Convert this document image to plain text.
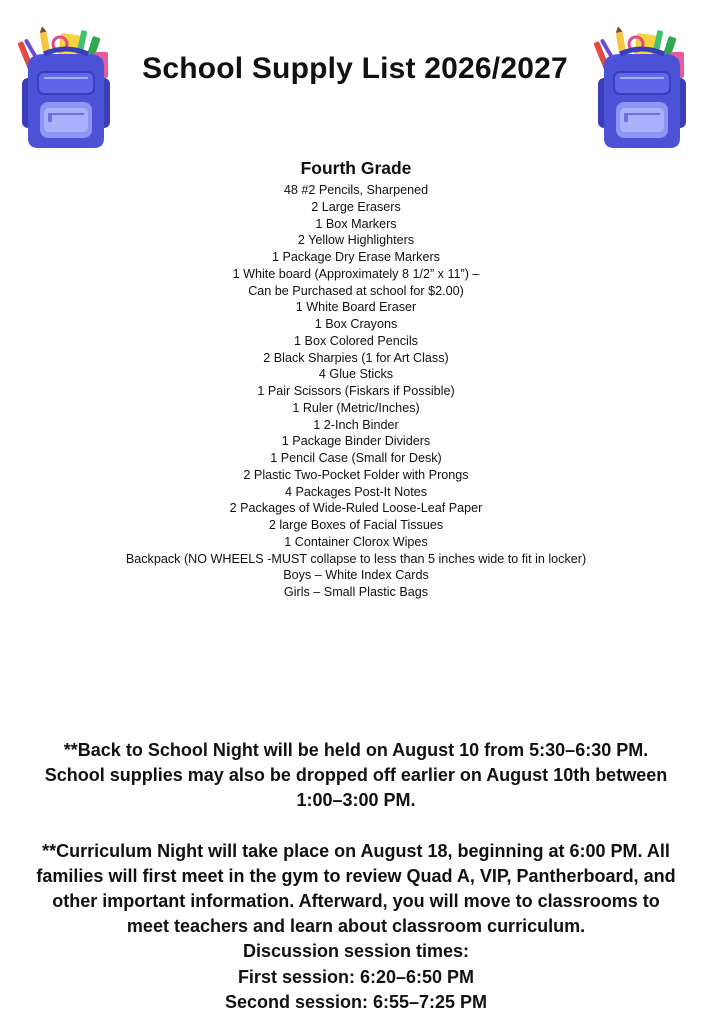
School Supply List 2026/2027
Fourth Grade
48 #2 Pencils, Sharpened
2 Large Erasers
1 Box Markers
2 Yellow Highlighters
1 Package Dry Erase Markers
1 White board (Approximately 8 1/2” x 11”) –
Can be Purchased at school for $2.00)
1 White Board Eraser
1 Box Crayons
1 Box Colored Pencils
2 Black Sharpies (1 for Art Class)
4 Glue Sticks
1 Pair Scissors (Fiskars if Possible)
1 Ruler (Metric/Inches)
1 2-Inch Binder
1 Package Binder Dividers
1 Pencil Case (Small for Desk)
2 Plastic Two-Pocket Folder with Prongs
4 Packages Post-It Notes
2 Packages of Wide-Ruled Loose-Leaf Paper
2 large Boxes of Facial Tissues
1 Container Clorox Wipes
Backpack (NO WHEELS -MUST collapse to less than 5 inches wide to fit in locker)
Boys – White Index Cards
Girls – Small Plastic Bags

**Back to School Night will be held on August 10 from 5:30–6:30 PM.

School supplies may also be dropped off earlier on August 10th between

1:00–3:00 PM.

**Curriculum Night will take place on August 18, beginning at 6:00 PM. All

families will first meet in the gym to review Quad A, VIP, Pantherboard, and

other important information. Afterward, you will move to classrooms to

meet teachers and learn about classroom curriculum.

Discussion session times:

First session: 6:20–6:50 PM

Second session: 6:55–7:25 PM
